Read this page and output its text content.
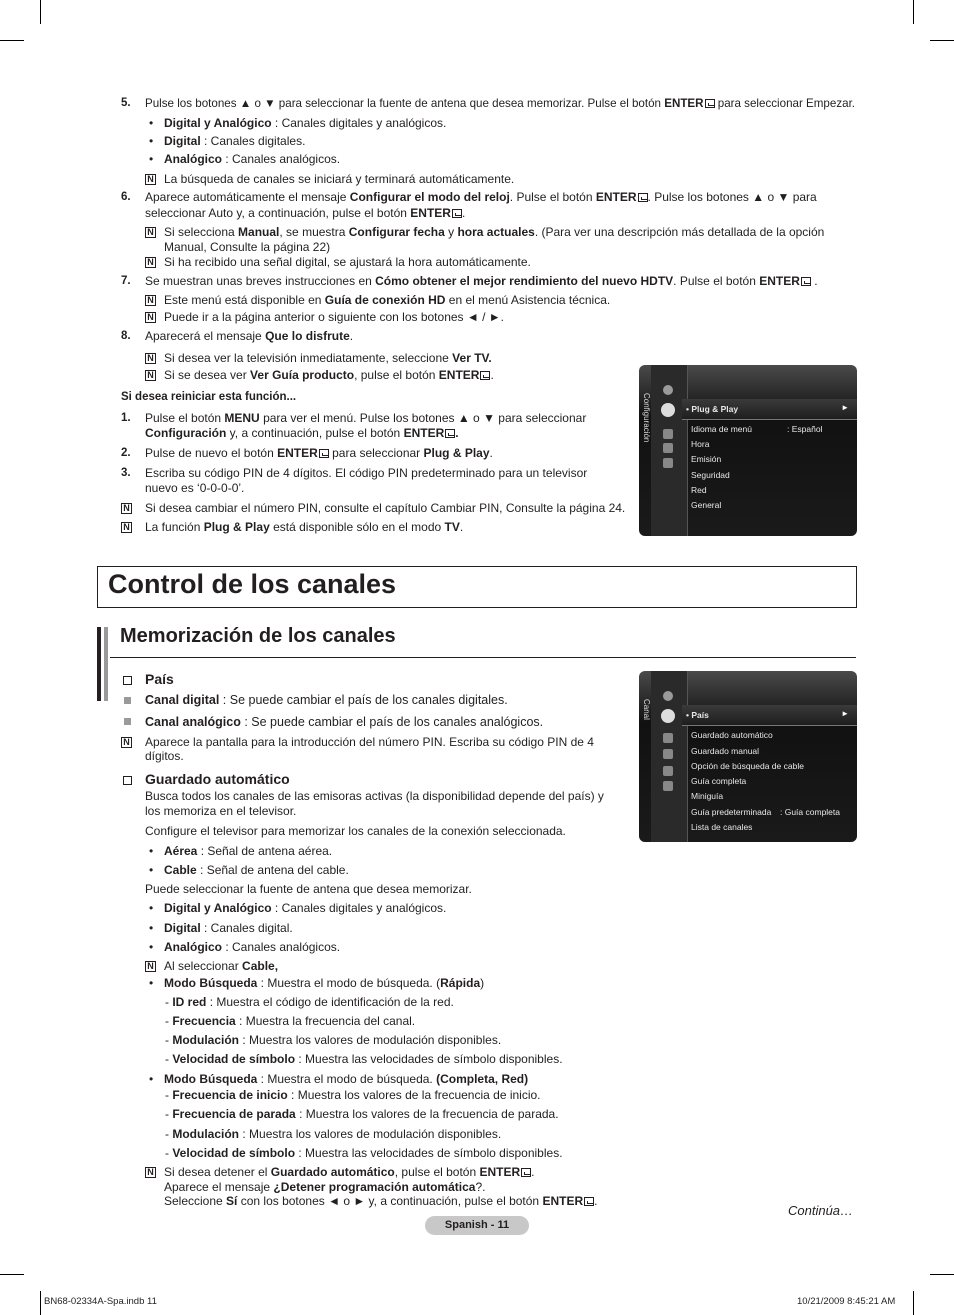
5. Pulse los botones ▲ o ▼ para seleccionar la fuente de antena que desea memorizar. Pulse el botón ENTER para seleccionar Empezar.
• Digital y Analógico : Canales digitales y analógicos.
• Digital : Canales digitales.
• Analógico : Canales analógicos.
N La búsqueda de canales se iniciará y terminará automáticamente.
6. Aparece automáticamente el mensaje Configurar el modo del reloj. Pulse el botón ENTER . Pulse los botones ▲ o ▼ para
seleccionar Auto y, a continuación, pulse el botón ENTER .
N Si selecciona Manual, se muestra Configurar fecha y hora actuales. (Para ver una descripción más detallada de la opción
Manual, Consulte la página 22)
N Si ha recibido una señal digital, se ajustará la hora automáticamente.
7. Se muestran unas breves instrucciones en Cómo obtener el mejor rendimiento del nuevo HDTV. Pulse el botón ENTER .
N Este menú está disponible en Guía de conexión HD en el menú Asistencia técnica.
N Puede ir a la página anterior o siguiente con los botones ◄ / ►.
8. Aparecerá el mensaje Que lo disfrute.
N Si desea ver la televisión inmediatamente, seleccione Ver TV.
N Si se desea ver Ver Guía producto, pulse el botón ENTER .
Si desea reiniciar esta función...
1. Pulse el botón MENU para ver el menú. Pulse los botones ▲ o ▼ para seleccionar
Configuración y, a continuación, pulse el botón ENTER .
2. Pulse de nuevo el botón ENTER para seleccionar Plug & Play.
3. Escriba su código PIN de 4 dígitos. El código PIN predeterminado para un televisor
nuevo es ‘0-0-0-0’.
N Si desea cambiar el número PIN, consulte el capítulo Cambiar PIN, Consulte la página 24.
N La función Plug & Play está disponible sólo en el modo TV.
Configuración	• Plug & Play	►
Idioma de menú	: Español
Hora
Emisión
Seguridad
Red
General
Control de los canales
Memorización de los canales
País
Canal digital : Se puede cambiar el país de los canales digitales.
Canal analógico : Se puede cambiar el país de los canales analógicos.
N Aparece la pantalla para la introducción del número PIN. Escriba su código PIN de 4
dígitos.
Guardado automático
Busca todos los canales de las emisoras activas (la disponibilidad depende del país) y
los memoriza en el televisor.
Configure el televisor para memorizar los canales de la conexión seleccionada.
• Aérea : Señal de antena aérea.
• Cable : Señal de antena del cable.
Puede seleccionar la fuente de antena que desea memorizar.
• Digital y Analógico : Canales digitales y analógicos.
• Digital : Canales digital.
• Analógico : Canales analógicos.
N Al seleccionar Cable,
• Modo Búsqueda : Muestra el modo de búsqueda. (Rápida)
- ID red : Muestra el código de identificación de la red.
- Frecuencia : Muestra la frecuencia del canal.
- Modulación : Muestra los valores de modulación disponibles.
- Velocidad de símbolo : Muestra las velocidades de símbolo disponibles.
• Modo Búsqueda : Muestra el modo de búsqueda. (Completa, Red)
- Frecuencia de inicio : Muestra los valores de la frecuencia de inicio.
- Frecuencia de parada : Muestra los valores de la frecuencia de parada.
- Modulación : Muestra los valores de modulación disponibles.
- Velocidad de símbolo : Muestra las velocidades de símbolo disponibles.
N Si desea detener el Guardado automático, pulse el botón ENTER .
Aparece el mensaje ¿Detener programación automática?.
Seleccione Sí con los botones ◄ o ► y, a continuación, pulse el botón ENTER .
Canal	• País	►
Guardado automático
Guardado manual
Opción de búsqueda de cable
Guía completa
Miniguía
Guía predeterminada : Guía completa
Lista de canales
Continúa…
Spanish - 11
BN68-02334A-Spa.indb 11	10/21/2009 8:45:21 AM
